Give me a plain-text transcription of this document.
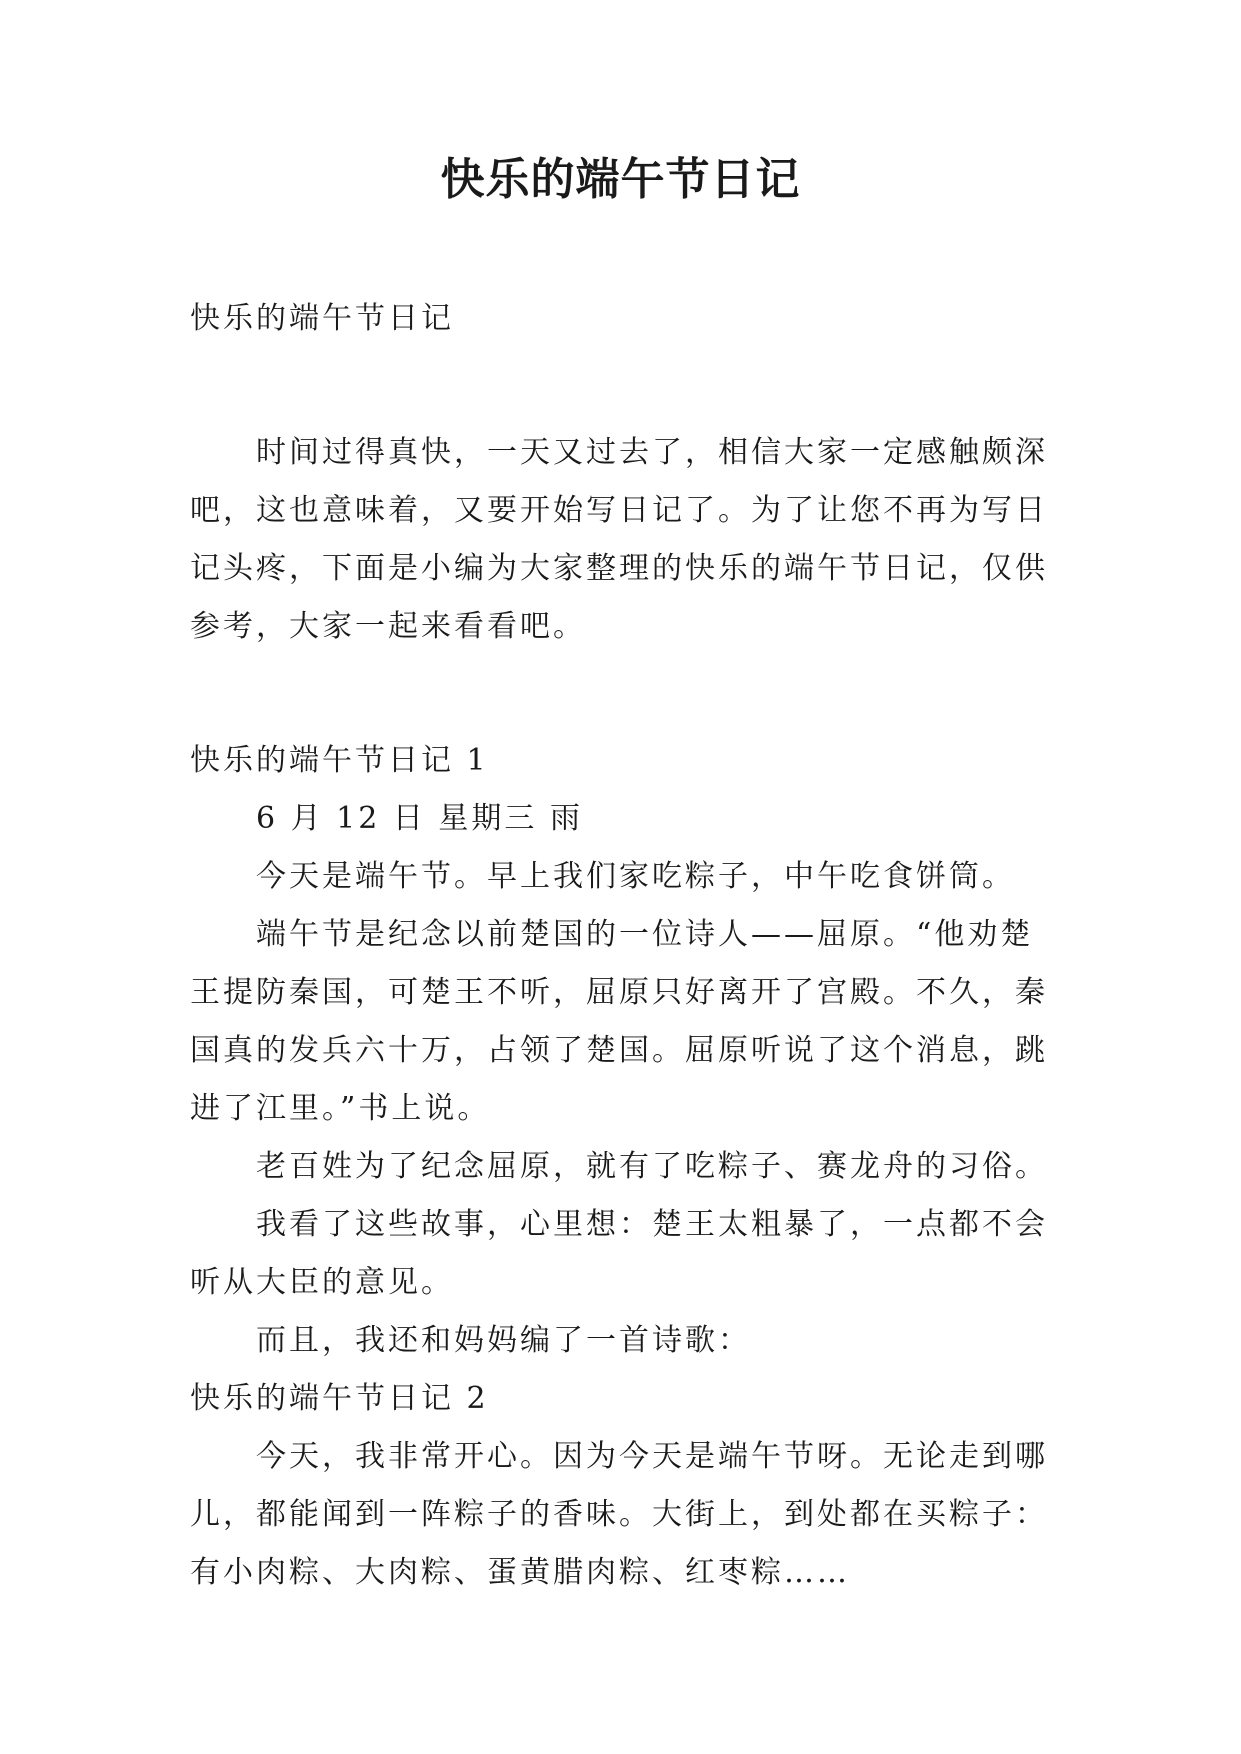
快乐的端午节日记
快乐的端午节日记
时间过得真快，一天又过去了，相信大家一定感触颇深
吧，这也意味着，又要开始写日记了。为了让您不再为写日
记头疼，下面是小编为大家整理的快乐的端午节日记，仅供
参考，大家一起来看看吧。
快乐的端午节日记 1
6 月 12 日 星期三 雨
今天是端午节。早上我们家吃粽子，中午吃食饼筒。
端午节是纪念以前楚国的一位诗人——屈原。“他劝楚
王提防秦国，可楚王不听，屈原只好离开了宫殿。不久，秦
国真的发兵六十万，占领了楚国。屈原听说了这个消息，跳
进了江里。”书上说。
老百姓为了纪念屈原，就有了吃粽子、赛龙舟的习俗。
我看了这些故事，心里想：楚王太粗暴了，一点都不会
听从大臣的意见。
而且，我还和妈妈编了一首诗歌：
快乐的端午节日记 2
今天，我非常开心。因为今天是端午节呀。无论走到哪
儿，都能闻到一阵粽子的香味。大街上，到处都在买粽子：
有小肉粽、大肉粽、蛋黄腊肉粽、红枣粽……
